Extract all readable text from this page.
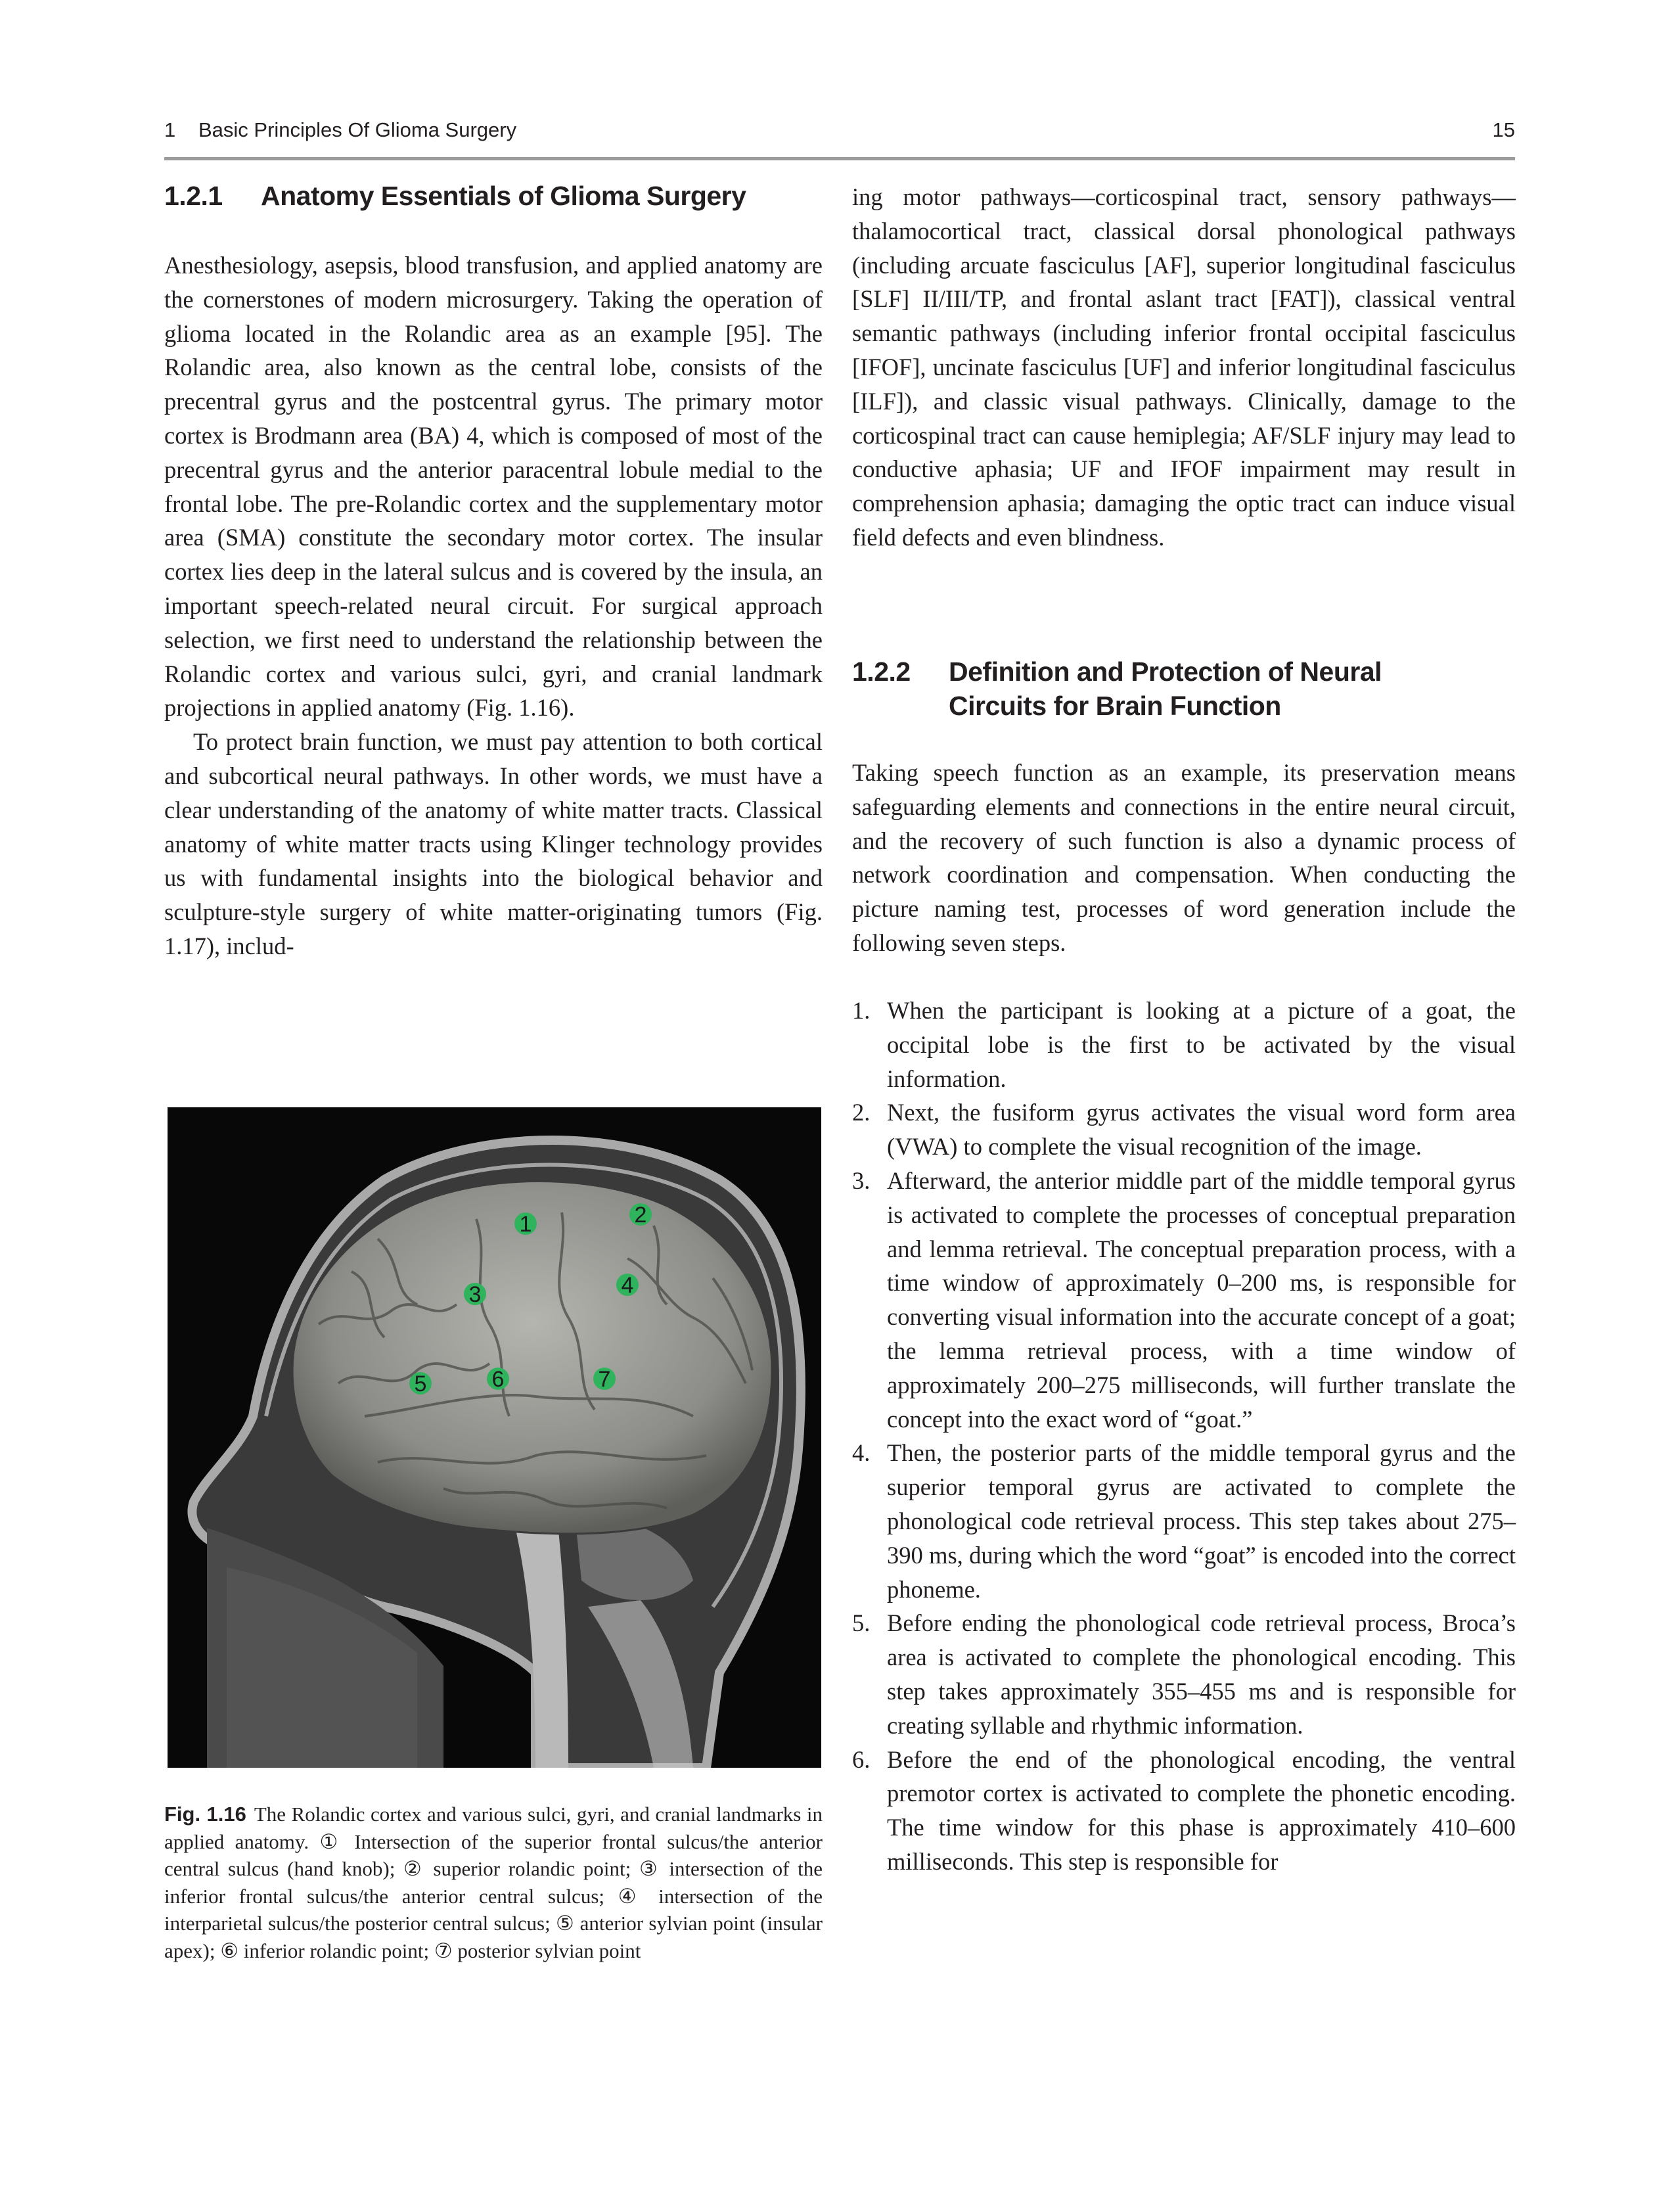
1 Basic Principles Of Glioma Surgery	15
1.2.1 Anatomy Essentials of Glioma Surgery

Anesthesiology, asepsis, blood transfusion, and applied anatomy are the cornerstones of modern microsurgery. Taking the operation of glioma located in the Rolandic area as an example [95]. The Rolandic area, also known as the central lobe, consists of the precentral gyrus and the postcentral gyrus. The primary motor cortex is Brodmann area (BA) 4, which is composed of most of the precentral gyrus and the anterior paracentral lobule medial to the frontal lobe. The pre-Rolandic cortex and the supplementary motor area (SMA) constitute the secondary motor cortex. The insular cortex lies deep in the lateral sulcus and is covered by the insula, an important speech-related neural circuit. For surgical approach selection, we first need to understand the relationship between the Rolandic cortex and various sulci, gyri, and cranial landmark projections in applied anatomy (Fig. 1.16).

To protect brain function, we must pay attention to both cortical and subcortical neural pathways. In other words, we must have a clear understanding of the anatomy of white matter tracts. Classical anatomy of white matter tracts using Klinger technology provides us with fundamental insights into the biological behavior and sculpture-style surgery of white matter-originating tumors (Fig. 1.17), includ-

1	2
3	4
5	6	7
Fig. 1.16 The Rolandic cortex and various sulci, gyri, and cranial landmarks in applied anatomy. ① Intersection of the superior frontal sulcus/the anterior central sulcus (hand knob); ② superior rolandic point; ③ intersection of the inferior frontal sulcus/the anterior central sulcus; ④ intersection of the interparietal sulcus/the posterior central sulcus; ⑤ anterior sylvian point (insular apex); ⑥ inferior rolandic point; ⑦ posterior sylvian point

ing motor pathways—corticospinal tract, sensory pathways—thalamocortical tract, classical dorsal phonological pathways (including arcuate fasciculus [AF], superior longitudinal fasciculus [SLF] II/III/TP, and frontal aslant tract [FAT]), classical ventral semantic pathways (including inferior frontal occipital fasciculus [IFOF], uncinate fasciculus [UF] and inferior longitudinal fasciculus [ILF]), and classic visual pathways. Clinically, damage to the corticospinal tract can cause hemiplegia; AF/SLF injury may lead to conductive aphasia; UF and IFOF impairment may result in comprehension aphasia; damaging the optic tract can induce visual field defects and even blindness.

1.2.2 Definition and Protection of Neural
Circuits for Brain Function

Taking speech function as an example, its preservation means safeguarding elements and connections in the entire neural circuit, and the recovery of such function is also a dynamic process of network coordination and compensation. When conducting the picture naming test, processes of word generation include the following seven steps.

1. When the participant is looking at a picture of a goat, the occipital lobe is the first to be activated by the visual information.
2. Next, the fusiform gyrus activates the visual word form area (VWA) to complete the visual recognition of the image.
3. Afterward, the anterior middle part of the middle temporal gyrus is activated to complete the processes of conceptual preparation and lemma retrieval. The conceptual preparation process, with a time window of approximately 0–200 ms, is responsible for converting visual information into the accurate concept of a goat; the lemma retrieval process, with a time window of approximately 200–275 milliseconds, will further translate the concept into the exact word of “goat.”
4. Then, the posterior parts of the middle temporal gyrus and the superior temporal gyrus are activated to complete the phonological code retrieval process. This step takes about 275–390 ms, during which the word “goat” is encoded into the correct phoneme.
5. Before ending the phonological code retrieval process, Broca’s area is activated to complete the phonological encoding. This step takes approximately 355–455 ms and is responsible for creating syllable and rhythmic information.
6. Before the end of the phonological encoding, the ventral premotor cortex is activated to complete the phonetic encoding. The time window for this phase is approximately 410–600 milliseconds. This step is responsible for
